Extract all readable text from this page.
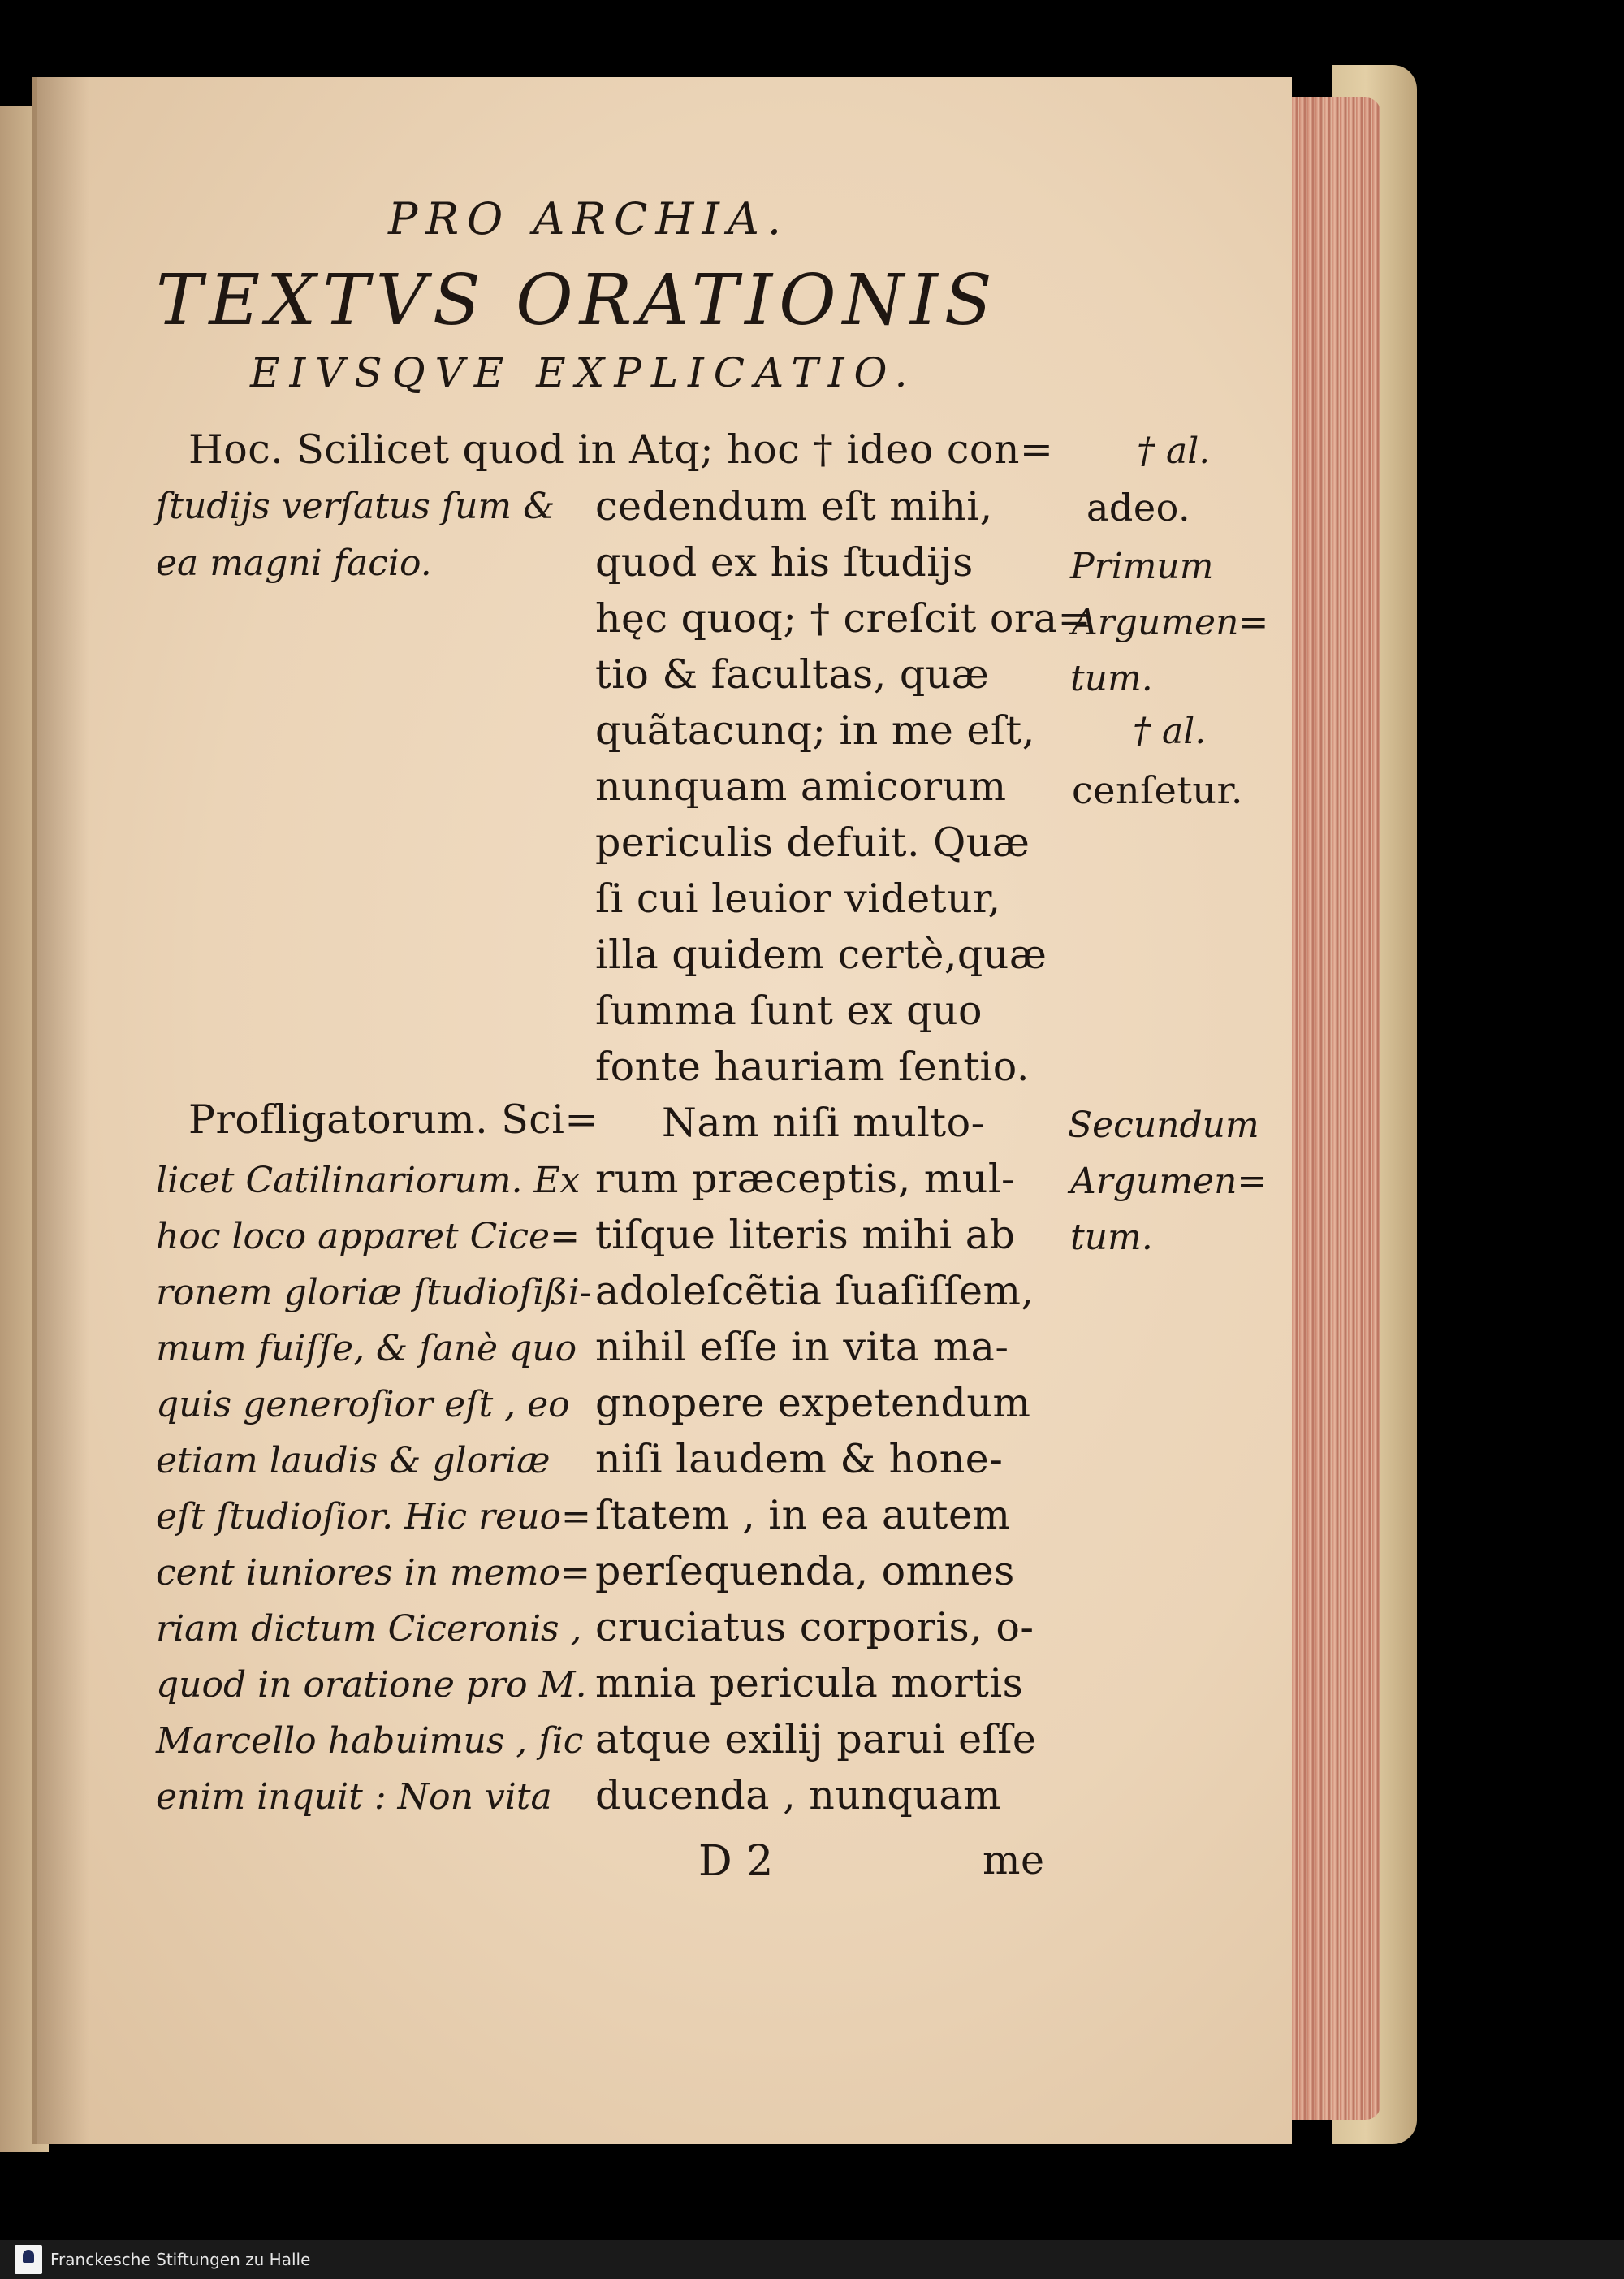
PRO ARCHIA.
TEXTVS ORATIONIS
EIVSQVE EXPLICATIO.
Hoc. Scilicet quod in
ſtudijs verſatus ſum &
ea magni facio.
Profligatorum. Sci=
licet Catilinariorum. Ex
hoc loco apparet Cice=
ronem gloriæ ſtudioſißi-
mum fuiſſe, & ſanè quo
quis generoſior eſt , eo
etiam laudis & gloriæ
eſt ſtudioſior. Hic reuo=
cent iuniores in memo=
riam dictum Ciceronis ,
quod in oratione pro M.
Marcello habuimus , ſic
enim inquit : Non vita
Atq; hoc † ideo con=
cedendum eſt mihi,
quod ex his ſtudijs
hęc quoq; † creſcit ora=
tio & facultas, quæ
quãtacunq; in me eſt,
nunquam amicorum
periculis defuit. Quæ
ſi cui leuior videtur,
illa quidem certè,quæ
ſumma ſunt ex quo
fonte hauriam ſentio.
Nam niſi multo-
rum præceptis, mul-
tiſque literis mihi ab
adoleſcẽtia ſuaſiſſem,
nihil eſſe in vita ma-
gnopere expetendum
niſi laudem & hone-
ſtatem , in ea autem
perſequenda, omnes
cruciatus corporis, o-
mnia pericula mortis
atque exilij parui eſſe
ducenda , nunquam
† al.
adeo.
Primum
Argumen=
tum.
† al.
cenſetur.
Secundum
Argumen=
tum.
D 2	me
Franckesche Stiftungen zu Halle
